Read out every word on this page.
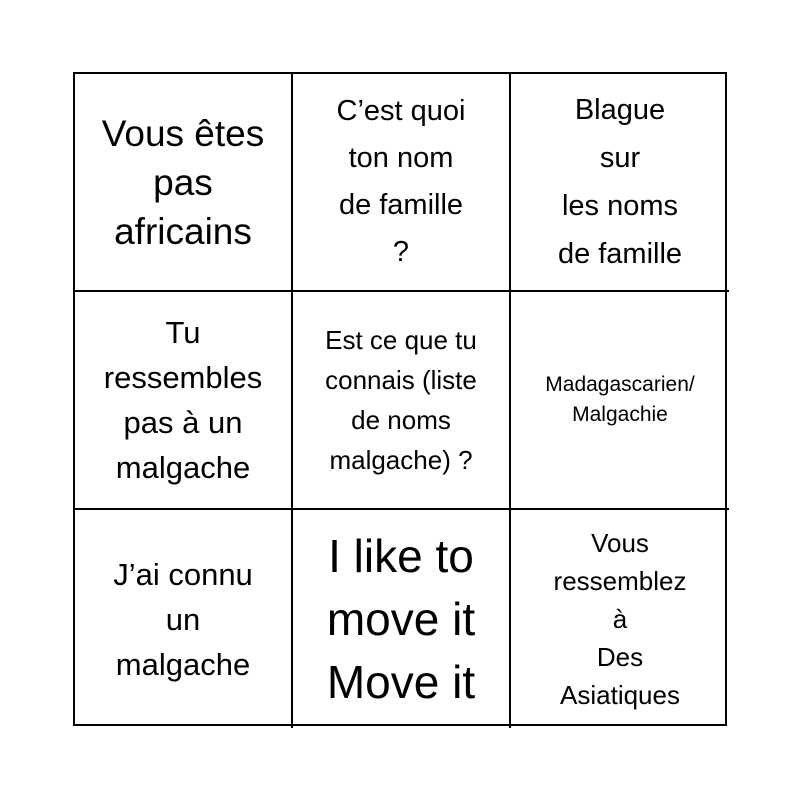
Vous êtes
pas
africains
C’est quoi
ton nom
de famille
?
Blague
sur
les noms
de famille
Tu
ressembles
pas à un
malgache
Est ce que tu
connais (liste
de noms
malgache) ?
Madagascarien/
Malgachie
J’ai connu
un
malgache
I like to
move it
Move it
Vous
ressemblez
à
Des
Asiatiques
